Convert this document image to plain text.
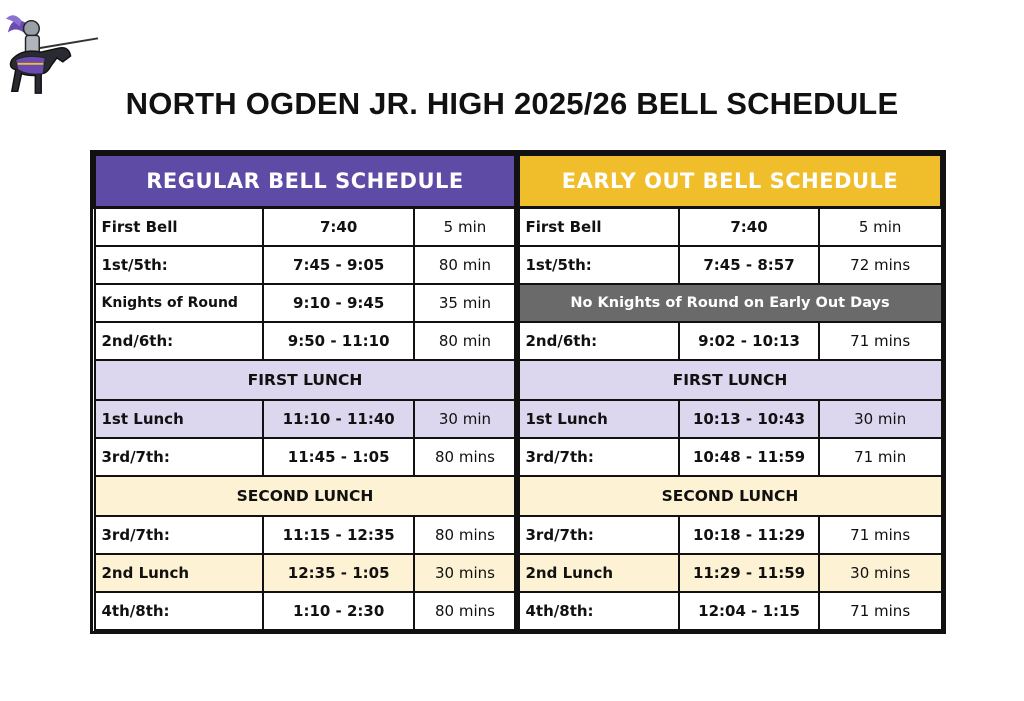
NORTH OGDEN JR. HIGH 2025/26 BELL SCHEDULE
REGULAR BELL SCHEDULE		
First Bell	7:40	5 min
1st/5th:	7:45 - 9:05	80 min
Knights of Round	9:10 - 9:45	35 min
2nd/6th:	9:50 - 11:10	80 min
FIRST LUNCH		
1st Lunch	11:10 - 11:40	30 min
3rd/7th:	11:45 - 1:05	80 mins
SECOND LUNCH		
3rd/7th:	11:15 - 12:35	80 mins
2nd Lunch	12:35 - 1:05	30 mins
4th/8th:	1:10 - 2:30	80 mins
EARLY OUT BELL SCHEDULE		
First Bell	7:40	5 min
1st/5th:	7:45 - 8:57	72 mins
No Knights of Round on Early Out Days		
2nd/6th:	9:02 - 10:13	71 mins
FIRST LUNCH		
1st Lunch	10:13 - 10:43	30 min
3rd/7th:	10:48 - 11:59	71 min
SECOND LUNCH		
3rd/7th:	10:18 - 11:29	71 mins
2nd Lunch	11:29 - 11:59	30 mins
4th/8th:	12:04 - 1:15	71 mins
